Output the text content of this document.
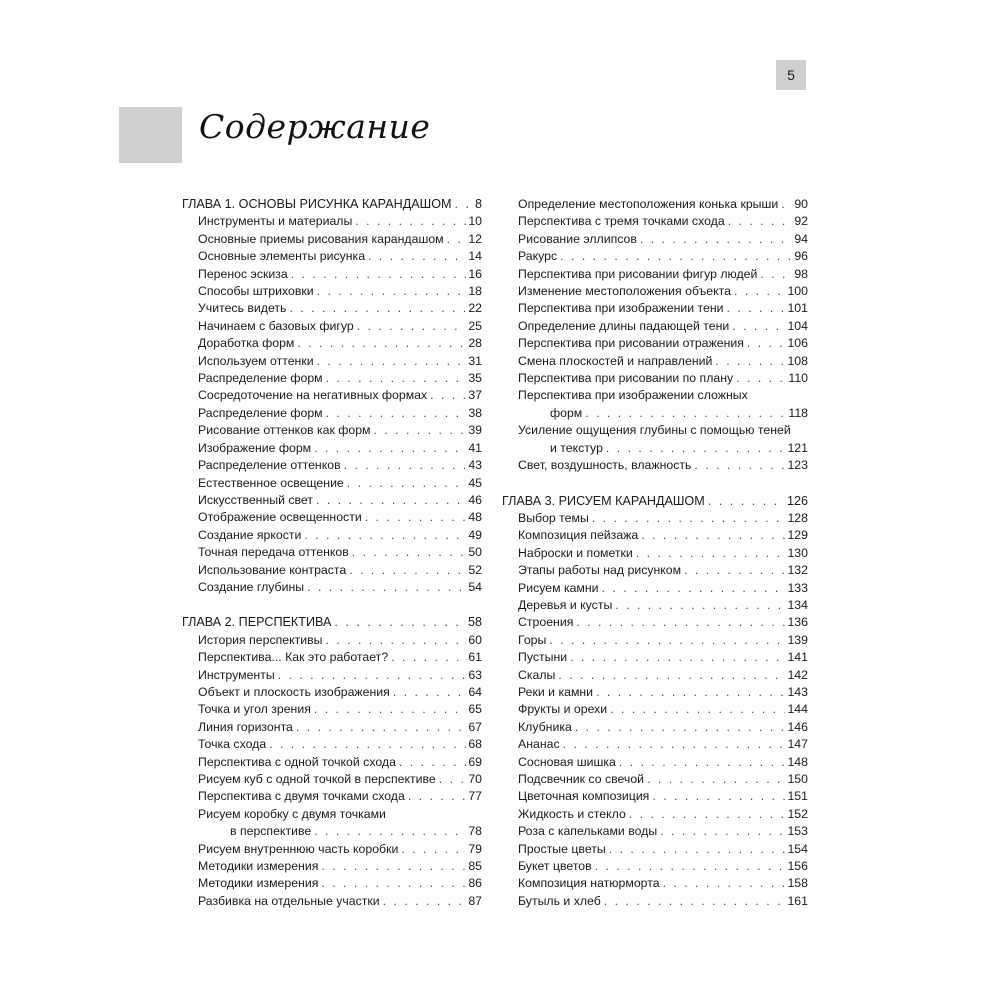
5
Содержание
ГЛАВА 1. ОСНОВЫ РИСУНКА КАРАНДАШОМ . . . 8
Инструменты и материалы . . .	10
Основные приемы рисования карандашом . . . 12
Основные элементы рисунка . . .	14
Перенос эскиза . . .	16
Способы штриховки . . .	18
Учитесь видеть . . .	22
Начинаем с базовых фигур . . .	25
Доработка форм . . .	28
Используем оттенки . . .	31
Распределение форм . . .	35
Сосредоточение на негативных формах . . .	37
Распределение форм . . .	38
Рисование оттенков как форм . . .	39
Изображение форм . . .	41
Распределение оттенков . . .	43
Естественное освещение . . .	45
Искусственный свет . . .	46
Отображение освещенности . . .	48
Создание яркости . . .	49
Точная передача оттенков . . .	50
Использование контраста . . .	52
Создание глубины . . .	54
ГЛАВА 2. ПЕРСПЕКТИВА . . .	58
История перспективы . . .	60
Перспектива... Как это работает? . . .	61
Инструменты . . .	63
Объект и плоскость изображения . . .	64
Точка и угол зрения . . .	65
Линия горизонта . . .	67
Точка схода . . .	68
Перспектива с одной точкой схода . . .	69
Рисуем куб с одной точкой в перспективе . . .	70
Перспектива с двумя точками схода . . .	77
Рисуем коробку с двумя точками
в перспективе . . .	78
Рисуем внутреннюю часть коробки . . .	79
Методики измерения . . .	85
Методики измерения . . .	86
Разбивка на отдельные участки . . .	87
Определение местоположения конька крыши . . . 90
Перспектива с тремя точками схода . . .	92
Рисование эллипсов . . .	94
Ракурс . . .	96
Перспектива при рисовании фигур людей . . .	98
Изменение местоположения объекта . . .	100
Перспектива при изображении тени . . .	101
Определение длины падающей тени . . .	104
Перспектива при рисовании отражения . . .	106
Смена плоскостей и направлений . . .	108
Перспектива при рисовании по плану . . .	110
Перспектива при изображении сложных
форм . . .	118
Усиление ощущения глубины с помощью теней
и текстур . . .	121
Свет, воздушность, влажность . . .	123
ГЛАВА 3. РИСУЕМ КАРАНДАШОМ . . .	126
Выбор темы . . .	128
Композиция пейзажа . . .	129
Наброски и пометки . . .	130
Этапы работы над рисунком . . .	132
Рисуем камни . . .	133
Деревья и кусты . . .	134
Строения . . .	136
Горы . . .	139
Пустыни . . .	141
Скалы . . .	142
Реки и камни . . .	143
Фрукты и орехи . . .	144
Клубника . . .	146
Ананас . . .	147
Сосновая шишка . . .	148
Подсвечник со свечой . . .	150
Цветочная композиция . . .	151
Жидкость и стекло . . .	152
Роза с капельками воды . . .	153
Простые цветы . . .	154
Букет цветов . . .	156
Композиция натюрморта . . .	158
Бутыль и хлеб . . .	161
